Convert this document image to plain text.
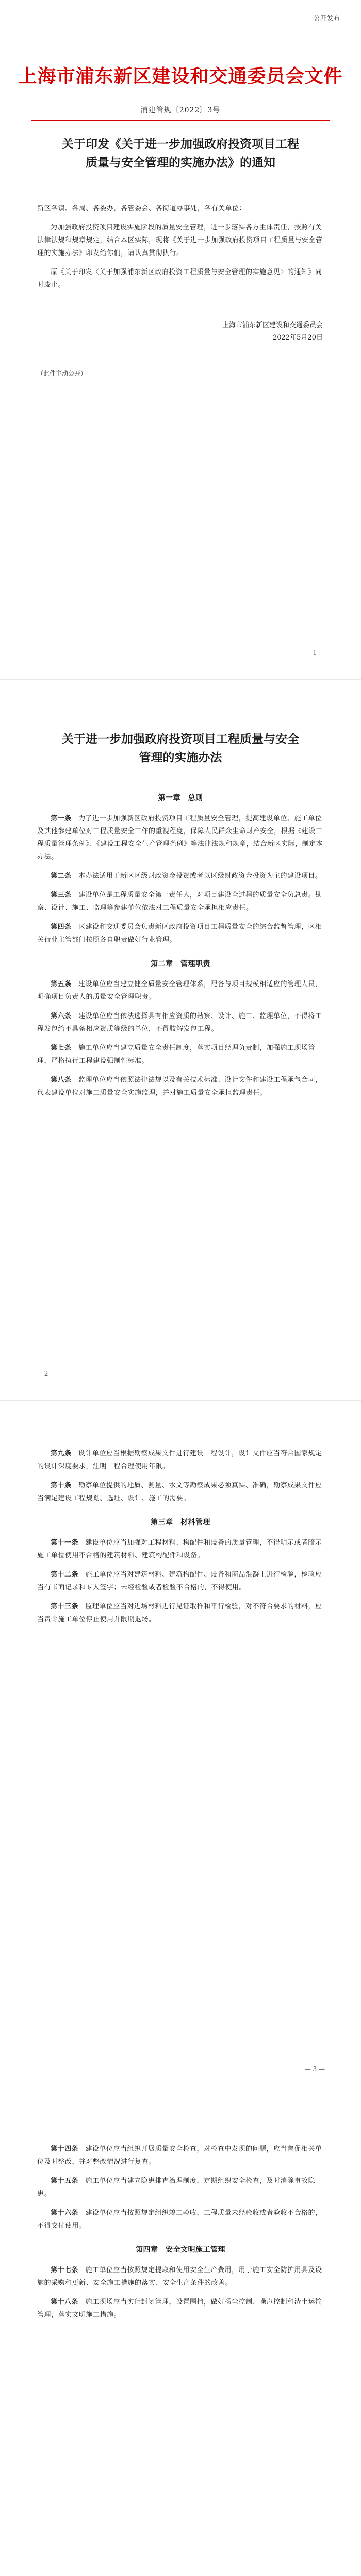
公开发布
上海市浦东新区建设和交通委员会文件
浦建管规〔2022〕3号
关于印发《关于进一步加强政府投资项目工程质量与安全管理的实施办法》的通知

新区各镇、各局、各委办，各管委会、各街道办事处，各有关单位：

为加强政府投资项目建设实施阶段的质量安全管理，进一步落实各方主体责任，按照有关法律法规和规章规定，结合本区实际，现将《关于进一步加强政府投资项目工程质量与安全管理的实施办法》印发给你们，请认真贯彻执行。

原《关于印发〈关于加强浦东新区政府投资工程质量与安全管理的实施意见〉的通知》同时废止。

上海市浦东新区建设和交通委员会
2022年5月20日
（此件主动公开）
— 1 —
关于进一步加强政府投资项目工程质量与安全管理的实施办法

第一章　总则

第一条　 为了进一步加强新区政府投资项目工程质量安全管理，提高建设单位、施工单位及其他参建单位对工程质量安全工作的重视程度，保障人民群众生命财产安全，根据《建设工程质量管理条例》、《建设工程安全生产管理条例》等法律法规和规章，结合新区实际，制定本办法。

第二条　 本办法适用于新区区级财政资金投资或者以区级财政资金投资为主的建设项目。

第三条　 建设单位是工程质量安全第一责任人，对项目建设全过程的质量安全负总责。勘察、设计、施工、监理等参建单位依法对工程质量安全承担相应责任。

第四条　 区建设和交通委员会负责新区政府投资项目工程质量安全的综合监督管理，区相关行业主管部门按照各自职责做好行业管理。

第二章　管理职责

第五条　 建设单位应当建立健全质量安全管理体系，配备与项目规模相适应的管理人员，明确项目负责人的质量安全管理职责。

第六条　 建设单位应当依法选择具有相应资质的勘察、设计、施工、监理单位，不得将工程发包给不具备相应资质等级的单位，不得肢解发包工程。

第七条　 施工单位应当建立质量安全责任制度，落实项目经理负责制，加强施工现场管理，严格执行工程建设强制性标准。

第八条　 监理单位应当依照法律法规以及有关技术标准、设计文件和建设工程承包合同，代表建设单位对施工质量安全实施监理，并对施工质量安全承担监理责任。

— 2 —

第九条　 设计单位应当根据勘察成果文件进行建设工程设计，设计文件应当符合国家规定的设计深度要求，注明工程合理使用年限。

第十条　 勘察单位提供的地质、测量、水文等勘察成果必须真实、准确，勘察成果文件应当满足建设工程规划、选址、设计、施工的需要。

第三章　材料管理

第十一条　 建设单位应当加强对工程材料、构配件和设备的质量管理，不得明示或者暗示施工单位使用不合格的建筑材料、建筑构配件和设备。

第十二条　 施工单位应当对建筑材料、建筑构配件、设备和商品混凝土进行检验，检验应当有书面记录和专人签字；未经检验或者检验不合格的，不得使用。

第十三条　 监理单位应当对进场材料进行见证取样和平行检验，对不符合要求的材料，应当责令施工单位停止使用并限期退场。

— 3 —

第十四条　 建设单位应当组织开展质量安全检查，对检查中发现的问题，应当督促相关单位及时整改，并对整改情况进行复查。

第十五条　 施工单位应当建立隐患排查治理制度，定期组织安全检查，及时消除事故隐患。

第十六条　 建设单位应当按照规定组织竣工验收，工程质量未经验收或者验收不合格的，不得交付使用。

第四章　安全文明施工管理

第十七条　 施工单位应当按照规定提取和使用安全生产费用，用于施工安全防护用具及设施的采购和更新、安全施工措施的落实、安全生产条件的改善。

第十八条　 施工现场应当实行封闭管理，设置围挡，做好扬尘控制、噪声控制和渣土运输管理，落实文明施工措施。
